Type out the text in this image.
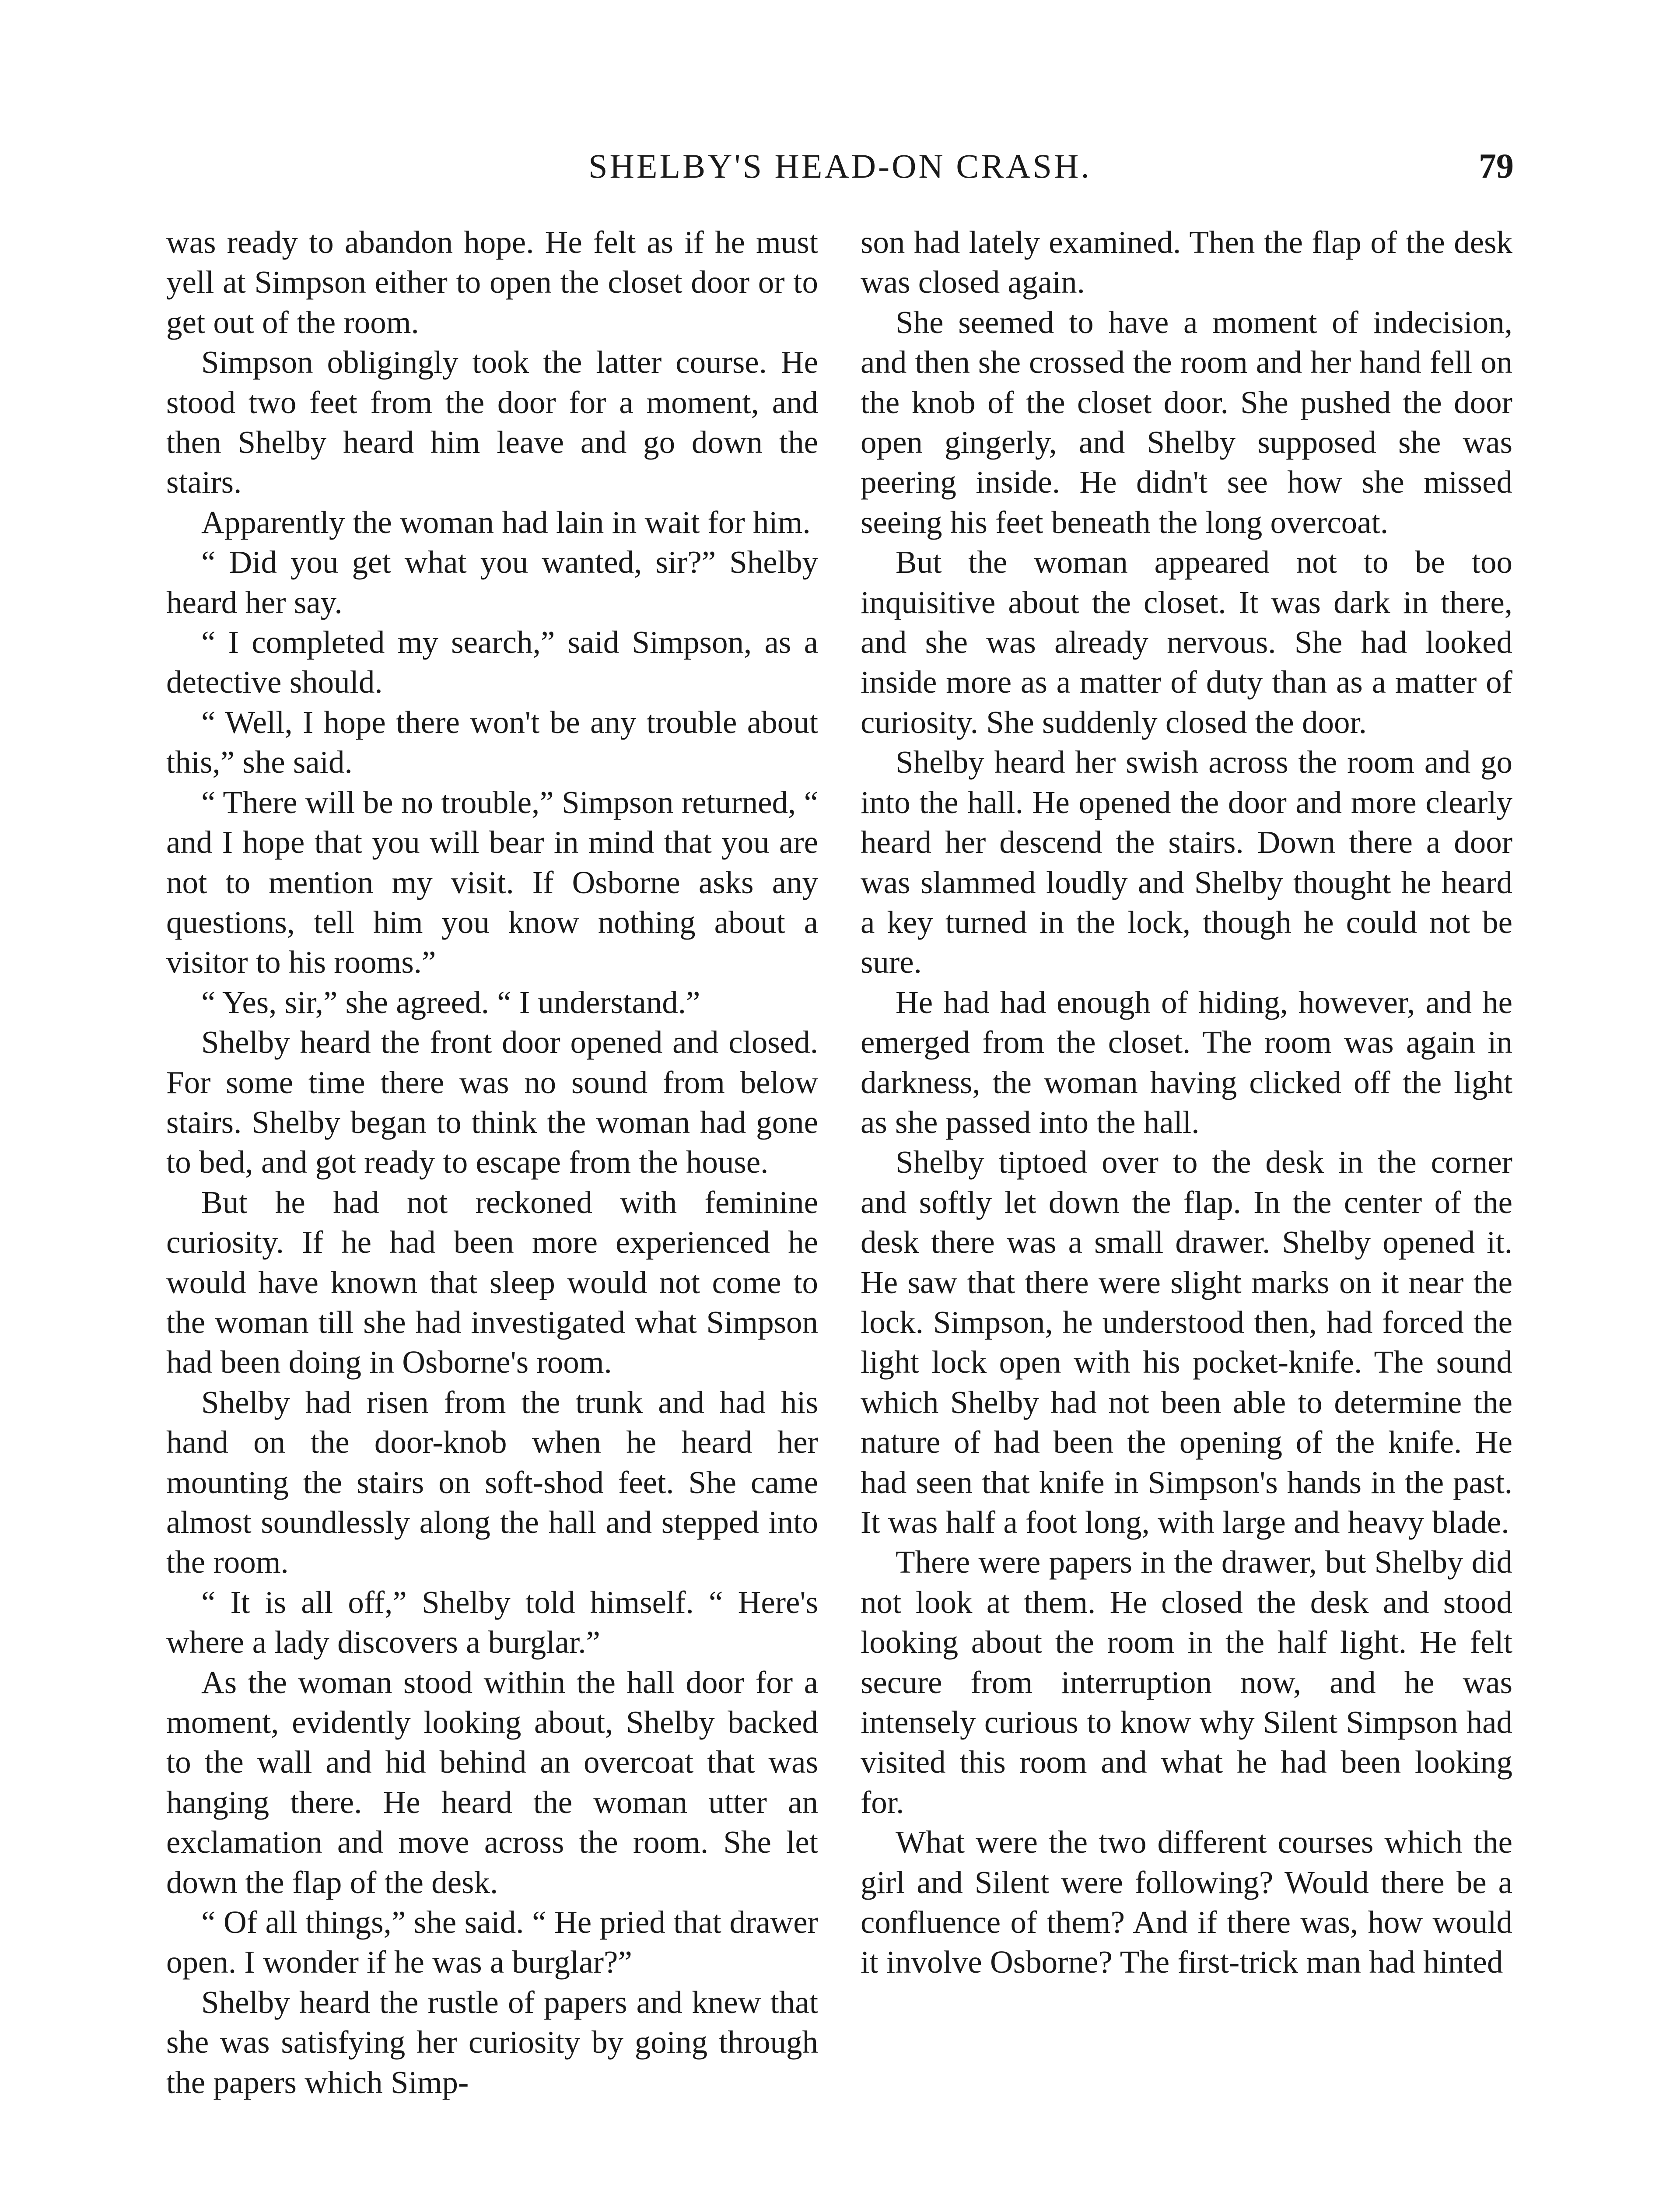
SHELBY'S HEAD-ON CRASH.	79

was ready to abandon hope. He felt as if he must yell at Simpson either to open the closet door or to get out of the room.

Simpson obligingly took the latter course. He stood two feet from the door for a moment, and then Shelby heard him leave and go down the stairs.

Apparently the woman had lain in wait for him.

“ Did you get what you wanted, sir?” Shelby heard her say.

“ I completed my search,” said Simpson, as a detective should.

“ Well, I hope there won't be any trouble about this,” she said.

“ There will be no trouble,” Simpson returned, “ and I hope that you will bear in mind that you are not to mention my visit. If Osborne asks any questions, tell him you know nothing about a visitor to his rooms.”

“ Yes, sir,” she agreed. “ I understand.”

Shelby heard the front door opened and closed. For some time there was no sound from below stairs. Shelby began to think the woman had gone to bed, and got ready to escape from the house.

But he had not reckoned with feminine curiosity. If he had been more experienced he would have known that sleep would not come to the woman till she had investigated what Simpson had been doing in Osborne's room.

Shelby had risen from the trunk and had his hand on the door-knob when he heard her mounting the stairs on soft-shod feet. She came almost soundlessly along the hall and stepped into the room.

“ It is all off,” Shelby told himself. “ Here's where a lady discovers a burglar.”

As the woman stood within the hall door for a moment, evidently looking about, Shelby backed to the wall and hid behind an overcoat that was hanging there. He heard the woman utter an exclamation and move across the room. She let down the flap of the desk.

“ Of all things,” she said. “ He pried that drawer open. I wonder if he was a burglar?”

Shelby heard the rustle of papers and knew that she was satisfying her curiosity by going through the papers which Simp-

son had lately examined. Then the flap of the desk was closed again.

She seemed to have a moment of indecision, and then she crossed the room and her hand fell on the knob of the closet door. She pushed the door open gingerly, and Shelby supposed she was peering inside. He didn't see how she missed seeing his feet beneath the long overcoat.

But the woman appeared not to be too inquisitive about the closet. It was dark in there, and she was already nervous. She had looked inside more as a matter of duty than as a matter of curiosity. She suddenly closed the door.

Shelby heard her swish across the room and go into the hall. He opened the door and more clearly heard her descend the stairs. Down there a door was slammed loudly and Shelby thought he heard a key turned in the lock, though he could not be sure.

He had had enough of hiding, however, and he emerged from the closet. The room was again in darkness, the woman having clicked off the light as she passed into the hall.

Shelby tiptoed over to the desk in the corner and softly let down the flap. In the center of the desk there was a small drawer. Shelby opened it. He saw that there were slight marks on it near the lock. Simpson, he understood then, had forced the light lock open with his pocket-knife. The sound which Shelby had not been able to determine the nature of had been the opening of the knife. He had seen that knife in Simpson's hands in the past. It was half a foot long, with large and heavy blade.

There were papers in the drawer, but Shelby did not look at them. He closed the desk and stood looking about the room in the half light. He felt secure from interruption now, and he was intensely curious to know why Silent Simpson had visited this room and what he had been looking for.

What were the two different courses which the girl and Silent were following? Would there be a confluence of them? And if there was, how would it involve Osborne? The first-trick man had hinted
